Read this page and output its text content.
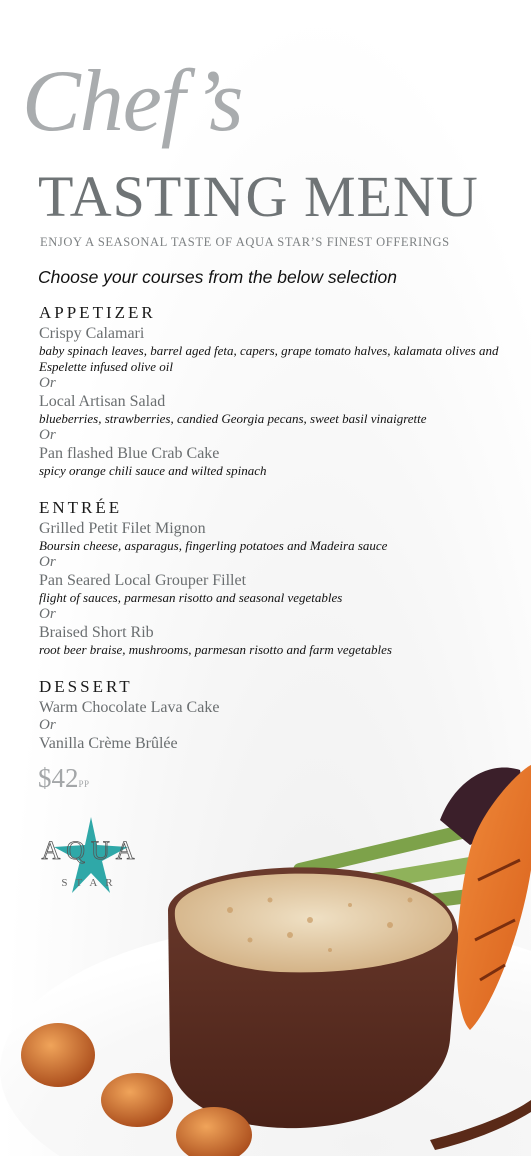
Chef’s
TASTING MENU
ENJOY A SEASONAL TASTE OF AQUA STAR’S FINEST OFFERINGS
Choose your courses from the below selection
APPETIZER
Crispy Calamari
baby spinach leaves, barrel aged feta, capers, grape tomato halves, kalamata olives and Espelette infused olive oil
Or
Local Artisan Salad
blueberries, strawberries, candied Georgia pecans, sweet basil vinaigrette
Or
Pan flashed Blue Crab Cake
spicy orange chili sauce and wilted spinach
ENTRÉE
Grilled Petit Filet Mignon
Boursin cheese, asparagus, fingerling potatoes and Madeira sauce
Or
Pan Seared Local Grouper Fillet
flight of sauces, parmesan risotto and seasonal vegetables
Or
Braised Short Rib
root beer braise, mushrooms, parmesan risotto and farm vegetables
DESSERT
Warm Chocolate Lava Cake
Or
Vanilla Crème Brûlée
$42PP
AQUA
STAR
